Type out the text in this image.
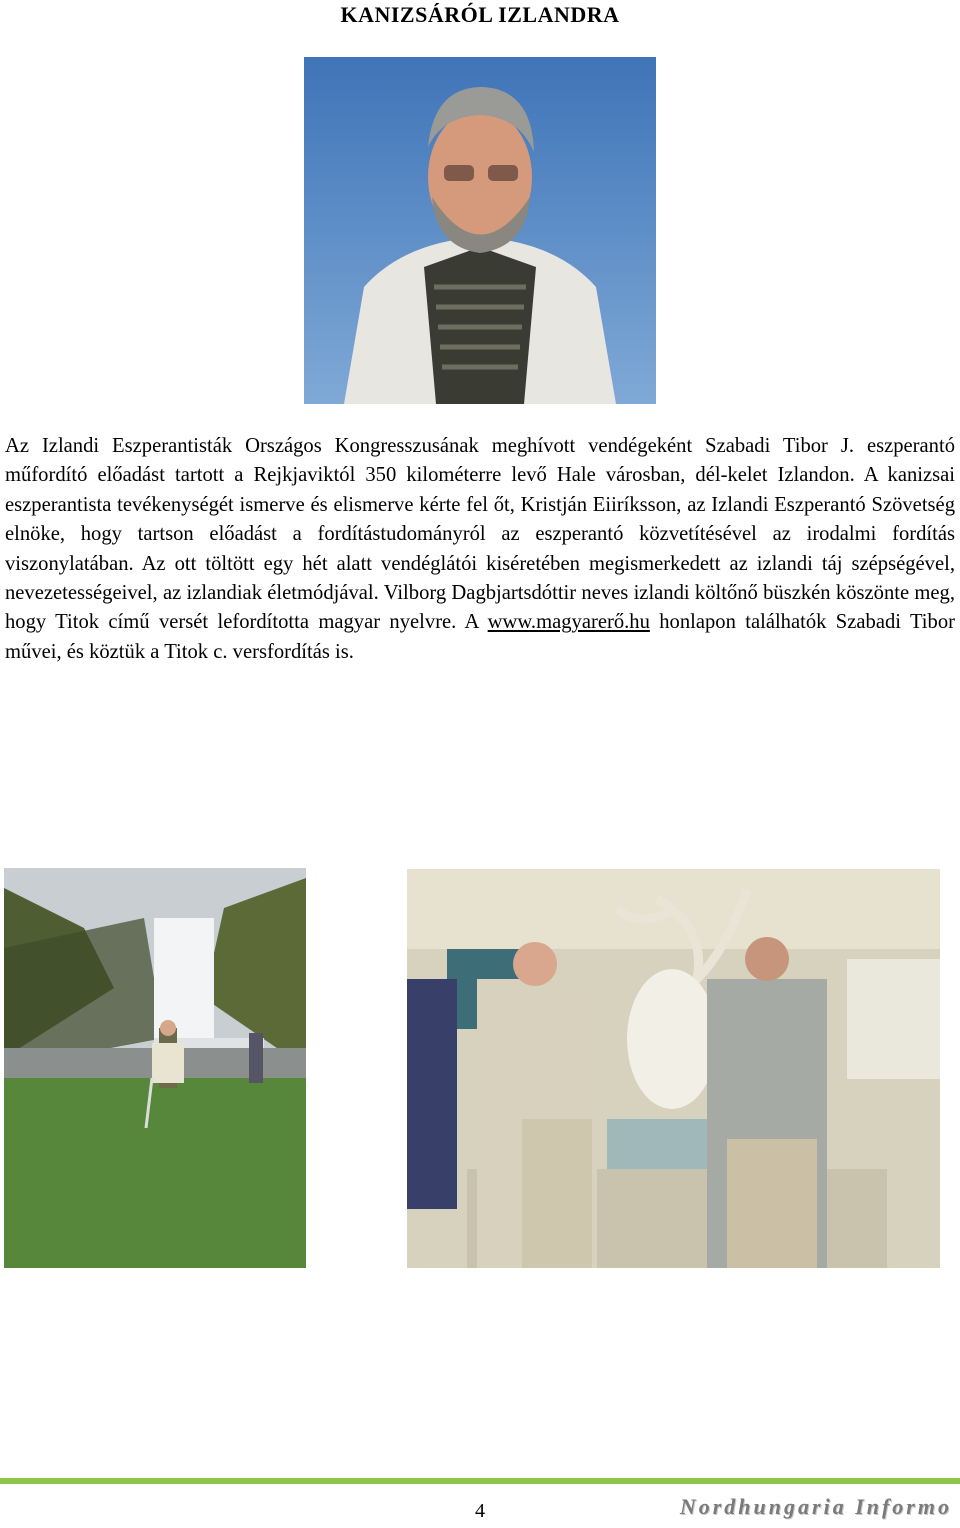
KANIZSÁRÓL IZLANDRA

Az Izlandi Eszperantisták Országos Kongresszusának meghívott vendégeként Szabadi Tibor J. eszperantó műfordító előadást tartott a Rejkjaviktól 350 kilométerre levő Hale városban, dél-kelet Izlandon. A kanizsai eszperantista tevékenységét ismerve és elismerve kérte fel őt, Kristján Eiiríksson, az Izlandi Eszperantó Szövetség elnöke, hogy tartson előadást a fordítástudományról az eszperantó közvetítésével az irodalmi fordítás viszonylatában. Az ott töltött egy hét alatt vendéglátói kiséretében megismerkedett az izlandi táj szépségével, nevezetességeivel, az izlandiak életmódjával. Vilborg Dagbjartsdóttir neves izlandi költőnő büszkén köszönte meg, hogy Titok című versét lefordította magyar nyelvre. A www.magyarerő.hu honlapon találhatók Szabadi Tibor művei, és köztük a Titok c. versfordítás is.

4	Nordhungaria Informo
